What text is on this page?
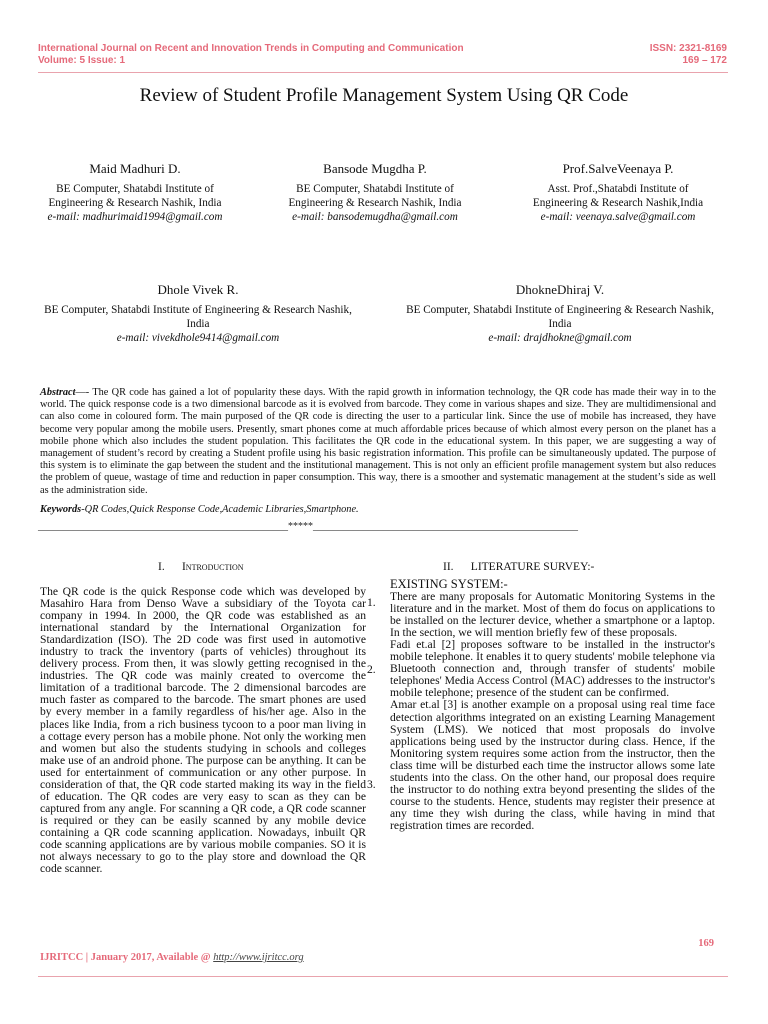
International Journal on Recent and Innovation Trends in Computing and Communication
Volume: 5 Issue: 1
ISSN: 2321-8169
169 – 172
Review of Student Profile Management System Using QR Code
Maid Madhuri D.
BE Computer, Shatabdi Institute of Engineering & Research Nashik, India
e-mail: madhurimaid1994@gmail.com
Bansode Mugdha P.
BE Computer, Shatabdi Institute of Engineering & Research Nashik, India
e-mail: bansodemugdha@gmail.com
Prof.SalveVeenaya P.
Asst. Prof.,Shatabdi Institute of Engineering & Research Nashik,India
e-mail: veenaya.salve@gmail.com
Dhole Vivek R.
BE Computer, Shatabdi Institute of Engineering & Research Nashik, India
e-mail: vivekdhole9414@gmail.com
DhokneDhiraj V.
BE Computer, Shatabdi Institute of Engineering & Research Nashik, India
e-mail: drajdhokne@gmail.com
Abstract—- The QR code has gained a lot of popularity these days. With the rapid growth in information technology, the QR code has made their way in to the world. The quick response code is a two dimensional barcode as it is evolved from barcode. They come in various shapes and size. They are multidimensional and can also come in coloured form. The main purposed of the QR code is directing the user to a particular link. Since the use of mobile has increased, they have become very popular among the mobile users. Presently, smart phones come at much affordable prices because of which almost every person on the planet has a mobile phone which also includes the student population. This facilitates the QR code in the educational system. In this paper, we are suggesting a way of management of student’s record by creating a Student profile using his basic registration information. This profile can be simultaneously updated. The purpose of this system is to eliminate the gap between the student and the institutional management. This is not only an efficient profile management system but also reduces the problem of queue, wastage of time and reduction in paper consumption. This way, there is a smoother and systematic management at the student’s side as well as the administration side.
Keywords-QR Codes,Quick Response Code,Academic Libraries,Smartphone.
__________________________________________________*****_____________________________________________________
I. Introduction

The QR code is the quick Response code which was developed by Masahiro Hara from Denso Wave a subsidiary of the Toyota car company in 1994. In 2000, the QR code was established as an international standard by the International Organization for Standardization (ISO). The 2D code was first used in automotive industry to track the inventory (parts of vehicles) throughout its delivery process. From then, it was slowly getting recognised in the industries. The QR code was mainly created to overcome the limitation of a traditional barcode. The 2 dimensional barcodes are much faster as compared to the barcode. The smart phones are used by every member in a family regardless of his/her age. Also in the places like India, from a rich business tycoon to a poor man living in a cottage every person has a mobile phone. Not only the working men and women but also the students studying in schools and colleges make use of an android phone. The purpose can be anything. It can be used for entertainment of communication or any other purpose. In consideration of that, the QR code started making its way in the field of education. The QR codes are very easy to scan as they can be captured from any angle. For scanning a QR code, a QR code scanner is required or they can be easily scanned by any mobile device containing a QR code scanning application. Nowadays, inbuilt QR code scanning applications are by various mobile companies. SO it is not always necessary to go to the play store and download the QR code scanner.

1.
2.
3.
II. LITERATURE SURVEY:-

EXISTING SYSTEM:-

There are many proposals for Automatic Monitoring Systems in the literature and in the market. Most of them do focus on applications to be installed on the lecturer device, whether a smartphone or a laptop. In the section, we will mention briefly few of these proposals.

Fadi et.al [2] proposes software to be installed in the instructor's mobile telephone. It enables it to query students' mobile telephone via Bluetooth connection and, through transfer of students' mobile telephones' Media Access Control (MAC) addresses to the instructor's mobile telephone; presence of the student can be confirmed.

Amar et.al [3] is another example on a proposal using real time face detection algorithms integrated on an existing Learning Management System (LMS). We noticed that most proposals do involve applications being used by the instructor during class. Hence, if the Monitoring system requires some action from the instructor, then the class time will be disturbed each time the instructor allows some late students into the class. On the other hand, our proposal does require the instructor to do nothing extra beyond presenting the slides of the course to the students. Hence, students may register their presence at any time they wish during the class, while having in mind that registration times are recorded.

169
IJRITCC | January 2017, Available @ http://www.ijritcc.org
